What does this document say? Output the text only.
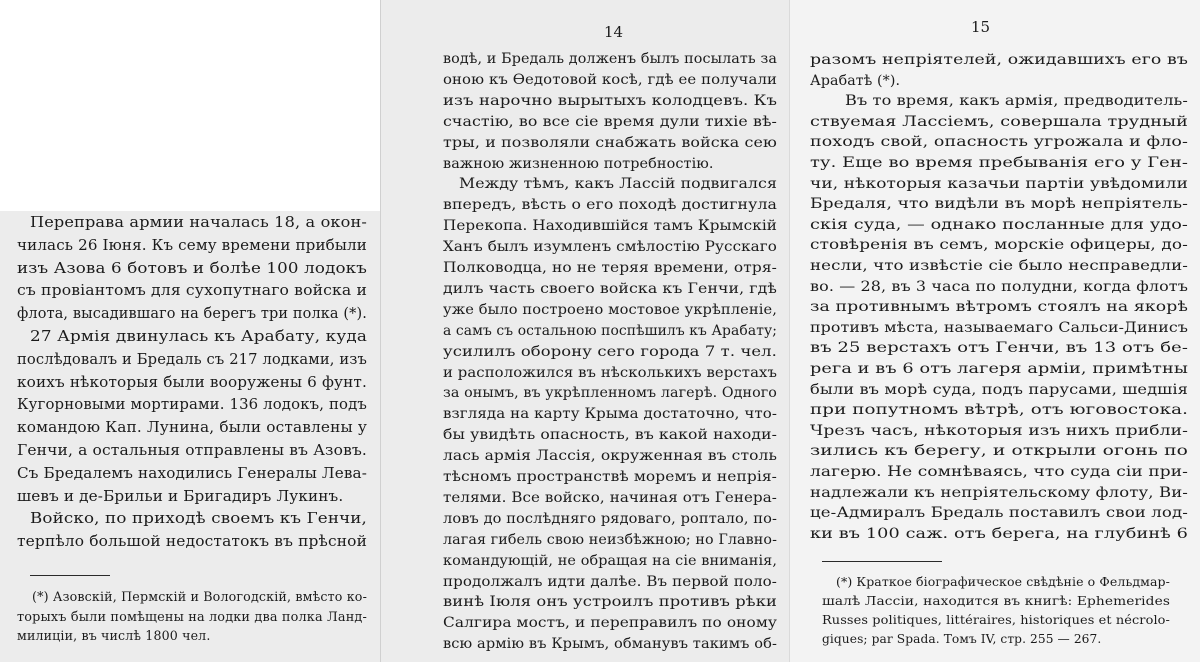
Переправа армии началась 18, а окон-
чилась 26 Іюня. Къ сему времени прибыли
изъ Азова 6 ботовъ и болѣе 100 лодокъ
съ провіантомъ для сухопутнаго войска и
флота, высадившаго на берегъ три полка (*).
27 Армія двинулась къ Арабату, куда
послѣдовалъ и Бредаль съ 217 лодками, изъ
коихъ нѣкоторыя были вооружены 6 фунт.
Кугорновыми мортирами. 136 лодокъ, подъ
командою Кап. Лунина, были оставлены у
Генчи, а остальныя отправлены въ Азовъ.
Съ Бредалемъ находились Генералы Лева-
шевъ и де-Брильи и Бригадиръ Лукинъ.
Войско, по приходѣ своемъ къ Генчи,
терпѣло большой недостатокъ въ прѣсной
(*) Азовскій, Пермскій и Вологодскій, вмѣсто ко-
торыхъ были помѣщены на лодки два полка Ланд-
милиціи, въ числѣ 1800 чел.
14
водѣ, и Бредаль долженъ былъ посылать за
оною къ Ѳедотовой косѣ, гдѣ ее получали
изъ нарочно вырытыхъ колодцевъ. Къ
счастію, во все сіе время дули тихіе вѣ-
тры, и позволяли снабжать войска сею
важною жизненною потребностію.
Между тѣмъ, какъ Лассій подвигался
впередъ, вѣсть о его походѣ достигнула
Перекопа. Находившійся тамъ Крымскій
Ханъ былъ изумленъ смѣлостію Русскаго
Полководца, но не теряя времени, отря-
дилъ часть своего войска къ Генчи, гдѣ
уже было построено мостовое укрѣпленіе,
а самъ съ остальною поспѣшилъ къ Арабату;
усилилъ оборону сего города 7 т. чел.
и расположился въ нѣсколькихъ верстахъ
за онымъ, въ укрѣпленномъ лагерѣ. Одного
взгляда на карту Крыма достаточно, что-
бы увидѣть опасность, въ какой находи-
лась армія Лассія, окруженная въ столь
тѣсномъ пространствѣ моремъ и непрія-
телями. Все войско, начиная отъ Генера-
ловъ до послѣдняго рядоваго, роптало, по-
лагая гибель свою неизбѣжною; но Главно-
командующій, не обращая на сіе вниманія,
продолжалъ идти далѣе. Въ первой поло-
винѣ Іюля онъ устроилъ противъ рѣки
Салгира мостъ, и переправилъ по оному
всю армію въ Крымъ, обманувъ такимъ об-
15
разомъ непріятелей, ожидавшихъ его въ
Арабатѣ (*).
Въ то время, какъ армія, предводитель-
ствуемая Лассіемъ, совершала трудный
походъ свой, опасность угрожала и фло-
ту. Еще во время пребыванія его у Ген-
чи, нѣкоторыя казачьи партіи увѣдомили
Бредаля, что видѣли въ морѣ непріятель-
скія суда, — однако посланные для удо-
стовѣренія въ семъ, морскіе офицеры, до-
несли, что извѣстіе сіе было несправедли-
во. — 28, въ 3 часа по полудни, когда флотъ
за противнымъ вѣтромъ стоялъ на якорѣ
противъ мѣста, называемаго Сальси-Динисъ
въ 25 верстахъ отъ Генчи, въ 13 отъ бе-
рега и въ 6 отъ лагеря арміи, примѣтны
были въ морѣ суда, подъ парусами, шедшія
при попутномъ вѣтрѣ, отъ юговостока.
Чрезъ часъ, нѣкоторыя изъ нихъ прибли-
зились къ берегу, и открыли огонь по
лагерю. Не сомнѣваясь, что суда сіи при-
надлежали къ непріятельскому флоту, Ви-
це-Адмиралъ Бредаль поставилъ свои лод-
ки въ 100 саж. отъ берега, на глубинѣ 6
(*) Краткое біографическое свѣдѣніе о Фельдмар-
шалѣ Лассіи, находится въ книгѣ: Ephemerides
Russes politiques, littéraires, historiques et nécrolo-
giques; par Spada. Томъ IV, стр. 255 — 267.
